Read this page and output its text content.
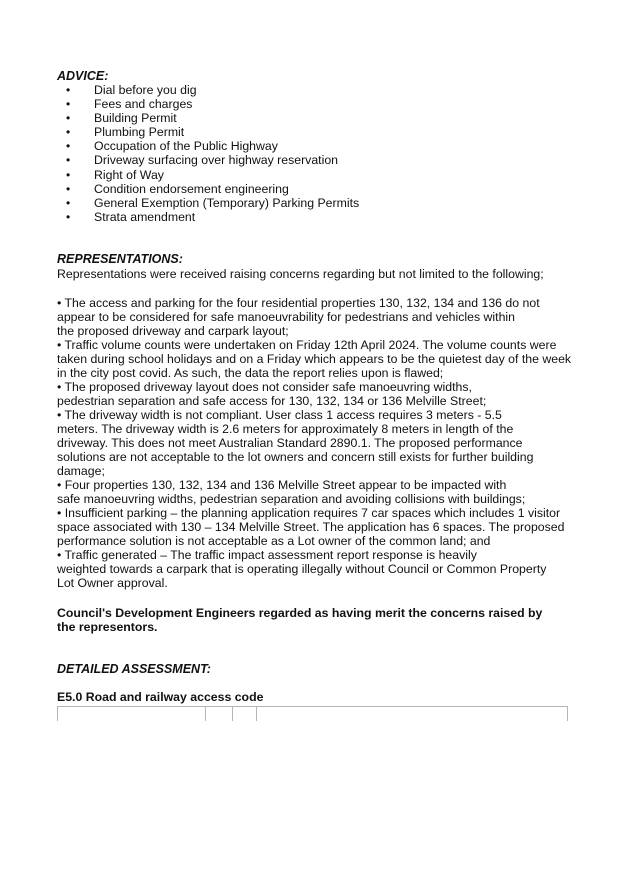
ADVICE:
• Dial before you dig
• Fees and charges
• Building Permit
• Plumbing Permit
• Occupation of the Public Highway
• Driveway surfacing over highway reservation
• Right of Way
• Condition endorsement engineering
• General Exemption (Temporary) Parking Permits
• Strata amendment
REPRESENTATIONS:
Representations were received raising concerns regarding but not limited to the following;
• The access and parking for the four residential properties 130, 132, 134 and 136 do not
appear to be considered for safe manoeuvrability for pedestrians and vehicles within
the proposed driveway and carpark layout;
• Traffic volume counts were undertaken on Friday 12th April 2024. The volume counts were
taken during school holidays and on a Friday which appears to be the quietest day of the week
in the city post covid. As such, the data the report relies upon is flawed;
• The proposed driveway layout does not consider safe manoeuvring widths,
pedestrian separation and safe access for 130, 132, 134 or 136 Melville Street;
• The driveway width is not compliant. User class 1 access requires 3 meters - 5.5
meters. The driveway width is 2.6 meters for approximately 8 meters in length of the
driveway. This does not meet Australian Standard 2890.1. The proposed performance
solutions are not acceptable to the lot owners and concern still exists for further building
damage;
• Four properties 130, 132, 134 and 136 Melville Street appear to be impacted with
safe manoeuvring widths, pedestrian separation and avoiding collisions with buildings;
• Insufficient parking – the planning application requires 7 car spaces which includes 1 visitor
space associated with 130 – 134 Melville Street. The application has 6 spaces. The proposed
performance solution is not acceptable as a Lot owner of the common land; and
• Traffic generated – The traffic impact assessment report response is heavily
weighted towards a carpark that is operating illegally without Council or Common Property
Lot Owner approval.
Council's Development Engineers regarded as having merit the concerns raised by
the representors.
DETAILED ASSESSMENT:
E5.0 Road and railway access code
